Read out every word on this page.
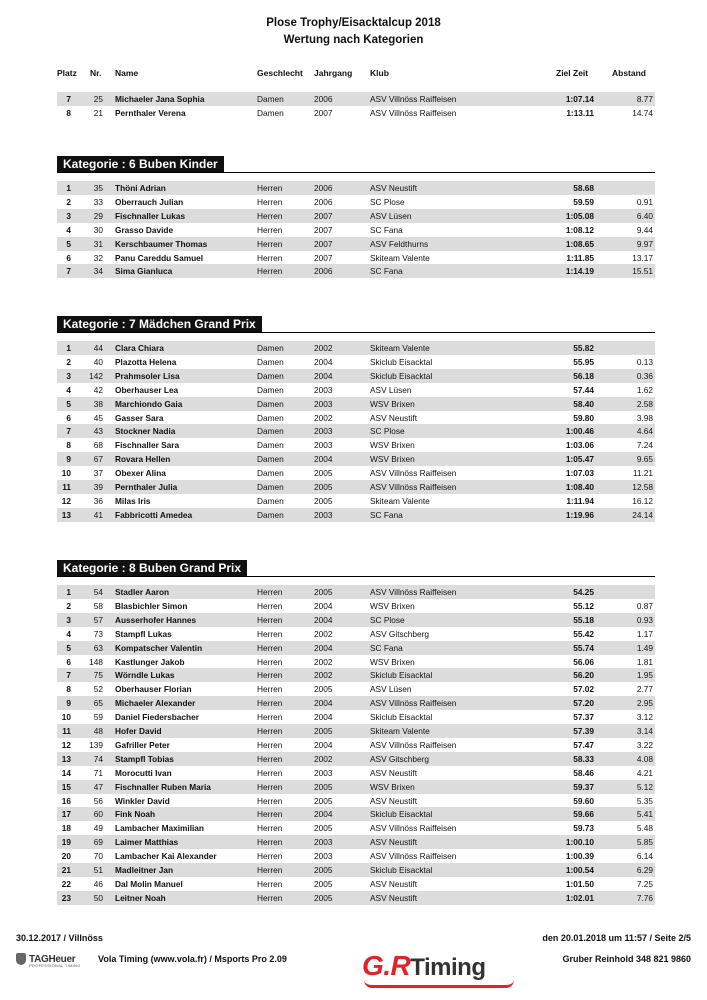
Plose Trophy/Eisacktalcup 2018
Wertung nach Kategorien
Platz Nr. Name	Geschlecht Jahrgang Klub	Ziel Zeit	Abstand
7	25 Michaeler Jana Sophia	Damen	2006	ASV Villnöss Raiffeisen	1:07.14	8.77
8	21 Pernthaler Verena	Damen	2007	ASV Villnöss Raiffeisen	1:13.11	14.74
Kategorie : 6 Buben Kinder
1	35 Thöni Adrian	Herren	2006	ASV Neustift	58.68
2	33 Oberrauch Julian	Herren	2006	SC Plose	59.59	0.91
3	29 Fischnaller Lukas	Herren	2007	ASV Lüsen	1:05.08	6.40
4	30 Grasso Davide	Herren	2007	SC Fana	1:08.12	9.44
5	31 Kerschbaumer Thomas	Herren	2007	ASV Feldthurns	1:08.65	9.97
6	32 Panu Careddu Samuel	Herren	2007	Skiteam Valente	1:11.85	13.17
7	34 Sima Gianluca	Herren	2006	SC Fana	1:14.19	15.51
Kategorie : 7 Mädchen Grand Prix
1	44 Clara Chiara	Damen	2002	Skiteam Valente	55.82
2	40 Plazotta Helena	Damen	2004	Skiclub Eisacktal	55.95	0.13
3	142 Prahmsoler Lisa	Damen	2004	Skiclub Eisacktal	56.18	0.36
4	42 Oberhauser Lea	Damen	2003	ASV Lüsen	57.44	1.62
5	38 Marchiondo Gaia	Damen	2003	WSV Brixen	58.40	2.58
6	45 Gasser Sara	Damen	2002	ASV Neustift	59.80	3.98
7	43 Stockner Nadia	Damen	2003	SC Plose	1:00.46	4.64
8	68 Fischnaller Sara	Damen	2003	WSV Brixen	1:03.06	7.24
9	67 Rovara Hellen	Damen	2004	WSV Brixen	1:05.47	9.65
10	37 Obexer Alina	Damen	2005	ASV Villnöss Raiffeisen	1:07.03	11.21
11	39 Pernthaler Julia	Damen	2005	ASV Villnöss Raiffeisen	1:08.40	12.58
12	36 Milas Iris	Damen	2005	Skiteam Valente	1:11.94	16.12
13	41 Fabbricotti Amedea	Damen	2003	SC Fana	1:19.96	24.14
Kategorie : 8 Buben Grand Prix
1	54 Stadler Aaron	Herren	2005	ASV Villnöss Raiffeisen	54.25
2	58 Blasbichler Simon	Herren	2004	WSV Brixen	55.12	0.87
3	57 Ausserhofer Hannes	Herren	2004	SC Plose	55.18	0.93
4	73 Stampfl Lukas	Herren	2002	ASV Gitschberg	55.42	1.17
5	63 Kompatscher Valentin	Herren	2004	SC Fana	55.74	1.49
6	148 Kastlunger Jakob	Herren	2002	WSV Brixen	56.06	1.81
7	75 Wörndle Lukas	Herren	2002	Skiclub Eisacktal	56.20	1.95
8	52 Oberhauser Florian	Herren	2005	ASV Lüsen	57.02	2.77
9	65 Michaeler Alexander	Herren	2004	ASV Villnöss Raiffeisen	57.20	2.95
10	59 Daniel Fiedersbacher	Herren	2004	Skiclub Eisacktal	57.37	3.12
11	48 Hofer David	Herren	2005	Skiteam Valente	57.39	3.14
12	139 Gafriller Peter	Herren	2004	ASV Villnöss Raiffeisen	57.47	3.22
13	74 Stampfl Tobias	Herren	2002	ASV Gitschberg	58.33	4.08
14	71 Morocutti Ivan	Herren	2003	ASV Neustift	58.46	4.21
15	47 Fischnaller Ruben Maria	Herren	2005	WSV Brixen	59.37	5.12
16	56 Winkler David	Herren	2005	ASV Neustift	59.60	5.35
17	60 Fink Noah	Herren	2004	Skiclub Eisacktal	59.66	5.41
18	49 Lambacher Maximilian	Herren	2005	ASV Villnöss Raiffeisen	59.73	5.48
19	69 Laimer Matthias	Herren	2003	ASV Neustift	1:00.10	5.85
20	70 Lambacher Kai Alexander	Herren	2003	ASV Villnöss Raiffeisen	1:00.39	6.14
21	51 Madleitner Jan	Herren	2005	Skiclub Eisacktal	1:00.54	6.29
22	46 Dal Molin Manuel	Herren	2005	ASV Neustift	1:01.50	7.25
23	50 Leitner Noah	Herren	2005	ASV Neustift	1:02.01	7.76
30.12.2017 / Villnöss	den 20.01.2018 um 11:57 / Seite 2/5
TAGHeuer
PROFESSIONAL TIMING
Vola Timing (www.vola.fr) / Msports Pro 2.09	G.RTiming	Gruber Reinhold 348 821 9860
